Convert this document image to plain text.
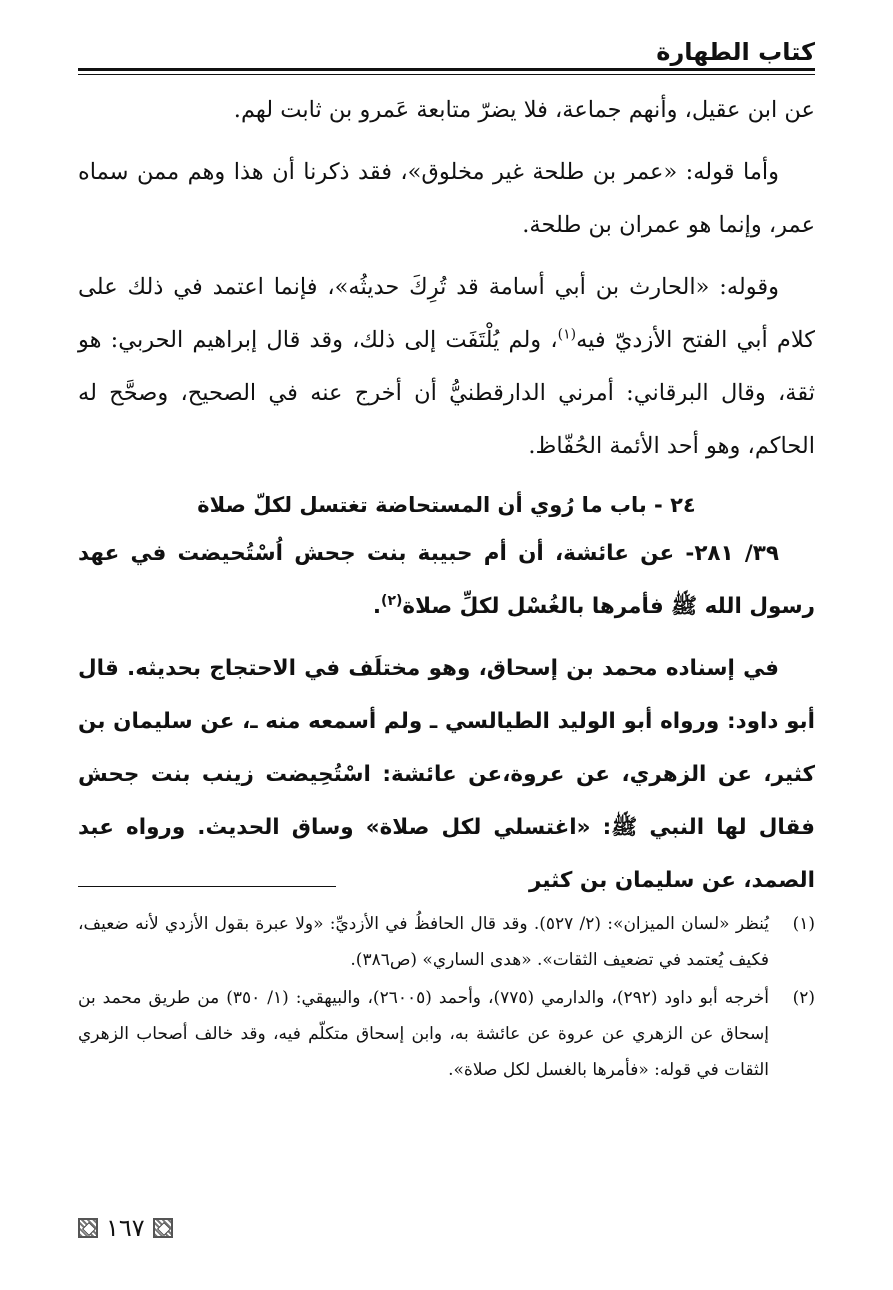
كتاب الطهارة

عن ابن عقيل، وأنهم جماعة، فلا يضرّ متابعة عَمرو بن ثابت لهم.

وأما قوله: «عمر بن طلحة غير مخلوق»، فقد ذكرنا أن هذا وهم ممن سماه عمر، وإنما هو عمران بن طلحة.

وقوله: «الحارث بن أبي أسامة قد تُرِكَ حديثُه»، فإنما اعتمد في ذلك على كلام أبي الفتح الأزديّ فيه$^{(١)}$، ولم يُلْتَفَت إلى ذلك، وقد قال إبراهيم الحربي: هو ثقة، وقال البرقاني: أمرني الدارقطنيُّ أن أخرج عنه في الصحيح، وصحَّح له الحاكم، وهو أحد الأئمة الحُفّاظ.

٢٤ - باب ما رُوي أن المستحاضة تغتسل لكلّ صلاة

٣٩/ ٢٨١- عن عائشة، أن أم حبيبة بنت جحش اُسْتُحيضت في عهد رسول الله ﷺ فأمرها بالغُسْل لكلِّ صلاة$^{(٢)}$.

في إسناده محمد بن إسحاق، وهو مختلَف في الاحتجاج بحديثه. قال أبو داود: ورواه أبو الوليد الطيالسي ـ ولم أسمعه منه ـ، عن سليمان بن كثير، عن الزهري، عن عروة،عن عائشة: اسْتُحِيضت زينب بنت جحش فقال لها النبي ﷺ: «اغتسلي لكل صلاة» وساق الحديث. ورواه عبد الصمد، عن سليمان بن كثير

(١)
يُنظر «لسان الميزان»: (٢/ ٥٢٧). وقد قال الحافظُ في الأزديِّ: «ولا عبرة بقول الأزدي لأنه ضعيف، فكيف يُعتمد في تضعيف الثقات». «هدى الساري» (ص٣٨٦).
(٢)
أخرجه أبو داود (٢٩٢)، والدارمي (٧٧٥)، وأحمد (٢٦٠٠٥)، والبيهقي: (١/ ٣٥٠) من طريق محمد بن إسحاق عن الزهري عن عروة عن عائشة به، وابن إسحاق متكلّم فيه، وقد خالف أصحاب الزهري الثقات في قوله: «فأمرها بالغسل لكل صلاة».
١٦٧
